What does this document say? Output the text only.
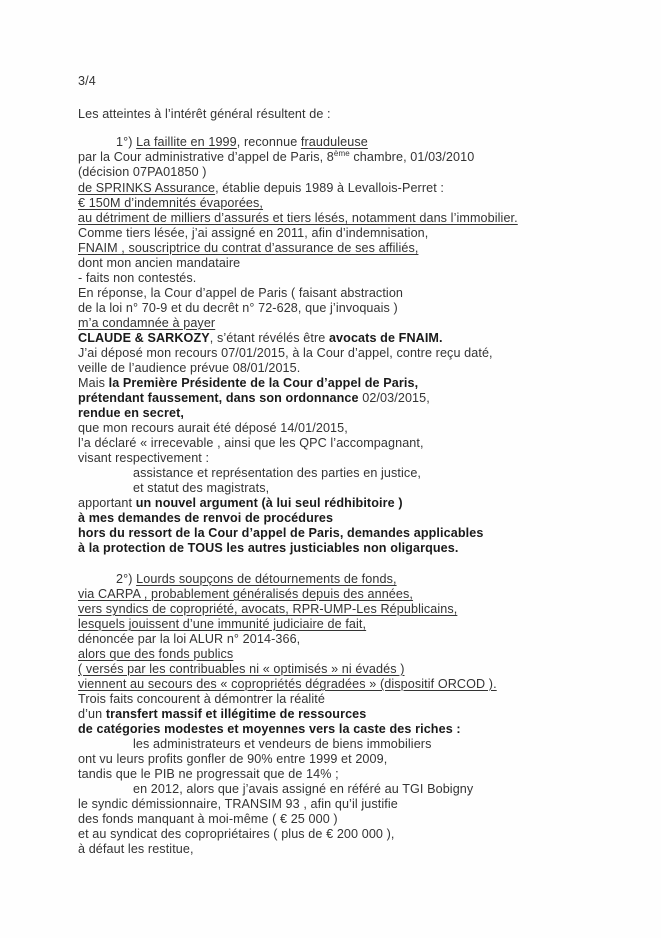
3/4
Les atteintes à l’intérêt général résultent de :
1°) La faillite en 1999, reconnue frauduleuse
par la Cour administrative d’appel de Paris, 8ème chambre, 01/03/2010
(décision 07PA01850 )
de SPRINKS Assurance, établie depuis 1989 à Levallois-Perret :
€ 150M d’indemnités évaporées,
au détriment de milliers d’assurés et tiers lésés, notamment dans l’immobilier.
Comme tiers lésée, j’ai assigné en 2011, afin d’indemnisation,
FNAIM , souscriptrice du contrat d’assurance de ses affiliés,
dont mon ancien mandataire
- faits non contestés.
En réponse, la Cour d’appel de Paris ( faisant abstraction
de la loi n° 70-9 et du decrêt n° 72-628, que j’invoquais )
m’a condamnée à payer
CLAUDE & SARKOZY, s’étant révélés être avocats de FNAIM.
J’ai déposé mon recours 07/01/2015, à la Cour d’appel, contre reçu daté,
veille de l’audience prévue 08/01/2015.
Mais la Première Présidente de la Cour d’appel de Paris,
prétendant faussement, dans son ordonnance 02/03/2015,
rendue en secret,
que mon recours aurait été déposé 14/01/2015,
l’a déclaré « irrecevable , ainsi que les QPC l’accompagnant,
visant respectivement :
assistance et représentation des parties en justice,
et statut des magistrats,
apportant un nouvel argument (à lui seul rédhibitoire )
à mes demandes de renvoi de procédures
hors du ressort de la Cour d’appel de Paris, demandes applicables
à la protection de TOUS les autres justiciables non oligarques.
2°) Lourds soupçons de détournements de fonds,
via CARPA , probablement généralisés depuis des années,
vers syndics de copropriété, avocats, RPR-UMP-Les Républicains,
lesquels jouissent d’une immunité judiciaire de fait,
dénoncée par la loi ALUR n° 2014-366,
alors que des fonds publics
( versés par les contribuables ni « optimisés » ni évadés )
viennent au secours des « copropriétés dégradées » (dispositif ORCOD ).
Trois faits concourent à démontrer la réalité
d’un transfert massif et illégitime de ressources
de catégories modestes et moyennes vers la caste des riches :
les administrateurs et vendeurs de biens immobiliers
ont vu leurs profits gonfler de 90% entre 1999 et 2009,
tandis que le PIB ne progressait que de 14% ;
en 2012, alors que j’avais assigné en référé au TGI Bobigny
le syndic démissionnaire, TRANSIM 93 , afin qu’il justifie
des fonds manquant à moi-même ( € 25 000 )
et au syndicat des copropriétaires ( plus de € 200 000 ),
à défaut les restitue,
